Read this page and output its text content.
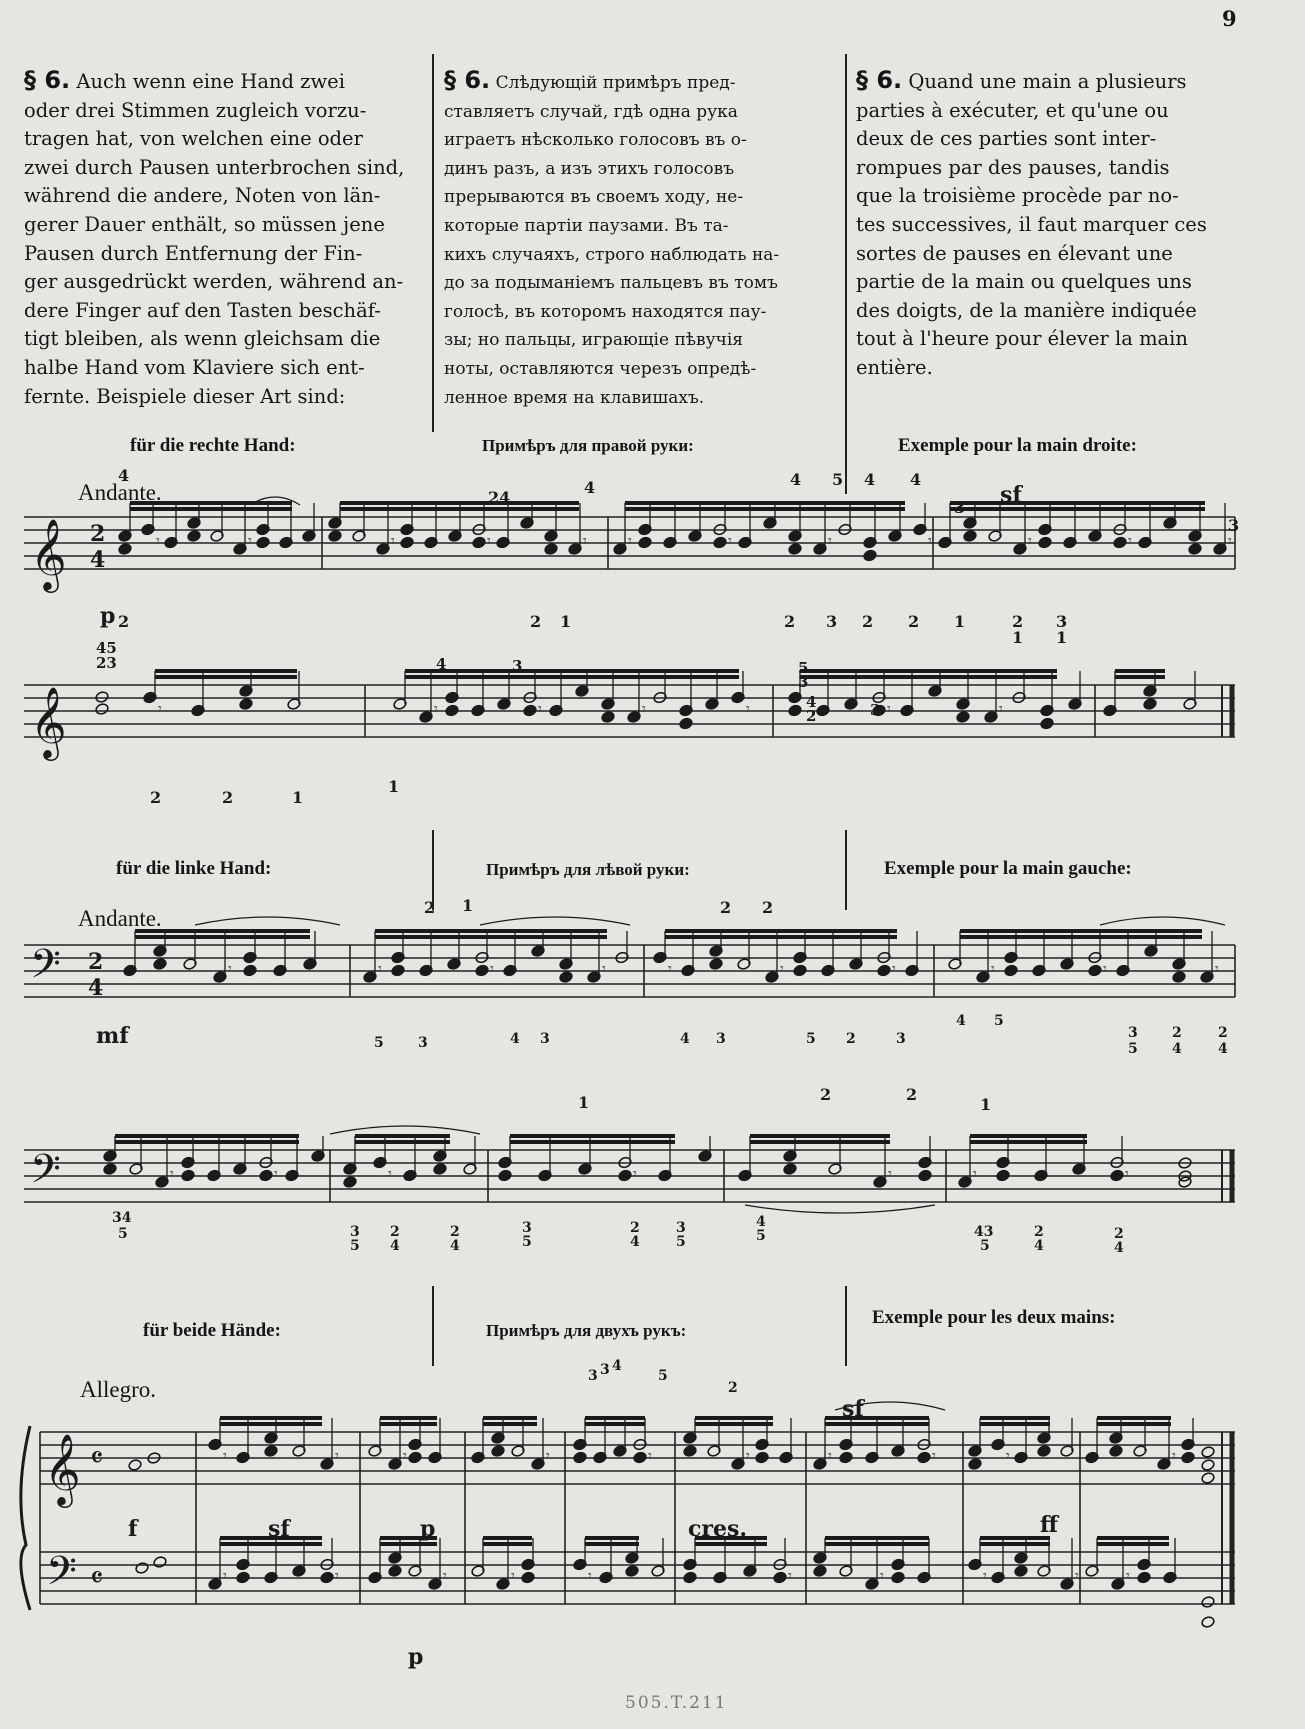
9
§ 6. Auch wenn eine Hand zwei
oder drei Stimmen zugleich vorzu-
tragen hat, von welchen eine oder
zwei durch Pausen unterbrochen sind,
während die andere, Noten von län-
gerer Dauer enthält, so müssen jene
Pausen durch Entfernung der Fin-
ger ausgedrückt werden, während an-
dere Finger auf den Tasten beschäf-
tigt bleiben, als wenn gleichsam die
halbe Hand vom Klaviere sich ent-
fernte. Beispiele dieser Art sind:
§ 6. Слѣдующій примѣръ пред-
ставляетъ случай, гдѣ одна рука
играетъ нѣсколько голосовъ въ о-
динъ разъ, а изъ этихъ голосовъ
прерываются въ своемъ ходу, не-
которые партіи паузами. Въ та-
кихъ случаяхъ, строго наблюдать на-
до за подыманіемъ пальцевъ въ томъ
голосѣ, въ которомъ находятся пау-
зы; но пальцы, играющіе пѣвучія
ноты, оставляются черезъ опредѣ-
ленное время на клавишахъ.
§ 6. Quand une main a plusieurs
parties à exécuter, et qu'une ou
deux de ces parties sont inter-
rompues par des pauses, tandis
que la troisième procède par no-
tes successives, il faut marquer ces
sortes de pauses en élevant une
partie de la main ou quelques uns
des doigts, de la manière indiquée
tout à l'heure pour élever la main
entière.
für die rechte Hand:	Примѣръ для правой руки:	Exemple pour la main droite:
Andante.
für die linke Hand:	Примѣръ для лѣвой руки:	Exemple pour la main gauche:
Andante.
für beide Hände:	Примѣръ для двухъ рукъ:
Exemple pour les deux mains:
Allegro.
𝄞 2
4
𝄾	𝄾	𝄾	𝄾	𝄾	𝄾	𝄾	𝄾	𝄾	𝄾	𝄾	𝄾
p
sf
4
24
4	4 5 4 4
3
3
2	2 1	2 3 2 2 1	2
1
3
1
𝄞	𝄾	𝄾	𝄾	𝄾	𝄾	𝄾	𝄾
45
23	4	3	5
3
4
2	3
2	2	1
1
𝄢 2
4
𝄾	𝄾	𝄾	𝄾	𝄾	𝄾	𝄾	𝄾	𝄾	𝄾
mf
2 1	2 2
5 3	4 3	4 3	5 2	3
4 5
3
5
2
4
2
4
𝄢	𝄾	𝄾	𝄾	𝄾	𝄾	𝄾	𝄾
1	2	2
1
34
5	3
5
2
4
2
4
3
5
2
4
3
5
4
5	43
5
2
4
2
4
𝄞
𝄢
𝄴
𝄴
𝄾	𝄾	𝄾	𝄾	𝄾	𝄾	𝄾	𝄾	𝄾	𝄾
𝄾	𝄾	𝄾	𝄾	𝄾	𝄾	𝄾	𝄾	𝄾	𝄾
f	sf	p	cres.
sf
ff
p
3 3 4
5
2
505.T.211
